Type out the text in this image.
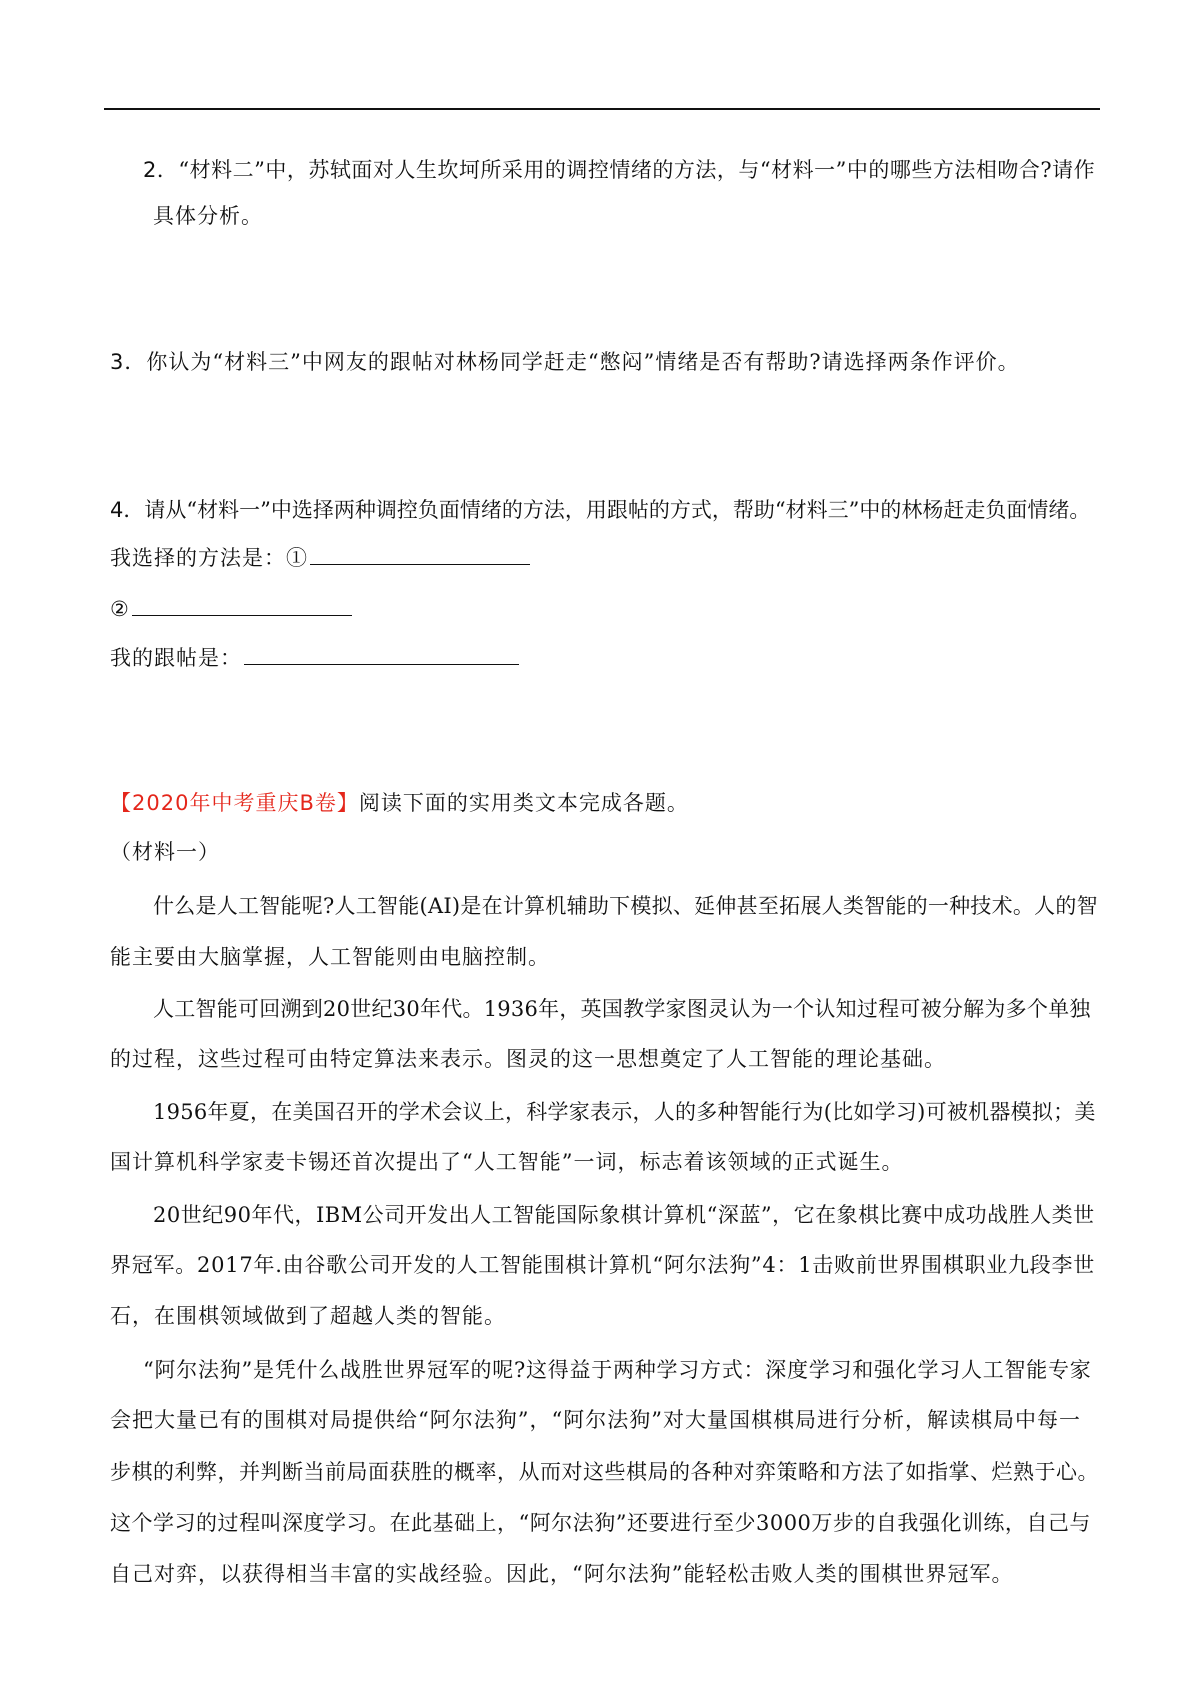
2．“材料二”中，苏轼面对人生坎坷所采用的调控情绪的方法，与“材料一”中的哪些方法相吻合?请作
具体分析。
3．你认为“材料三”中网友的跟帖对林杨同学赶走“憋闷”情绪是否有帮助?请选择两条作评价。
4．请从“材料一”中选择两种调控负面情绪的方法，用跟帖的方式，帮助“材料三”中的林杨赶走负面情绪。
我选择的方法是：①
②
我的跟帖是：
【2020年中考重庆B卷】阅读下面的实用类文本完成各题。
（材料一）
什么是人工智能呢?人工智能(AI)是在计算机辅助下模拟、延伸甚至拓展人类智能的一种技术。人的智
能主要由大脑掌握，人工智能则由电脑控制。
人工智能可回溯到20世纪30年代。1936年，英国教学家图灵认为一个认知过程可被分解为多个单独
的过程，这些过程可由特定算法来表示。图灵的这一思想奠定了人工智能的理论基础。
1956年夏，在美国召开的学术会议上，科学家表示，人的多种智能行为(比如学习)可被机器模拟；美
国计算机科学家麦卡锡还首次提出了“人工智能”一词，标志着该领域的正式诞生。
20世纪90年代，IBM公司开发出人工智能国际象棋计算机“深蓝”，它在象棋比赛中成功战胜人类世
界冠军。2017年.由谷歌公司开发的人工智能围棋计算机“阿尔法狗”4：1击败前世界围棋职业九段李世
石，在围棋领域做到了超越人类的智能。
“阿尔法狗”是凭什么战胜世界冠军的呢?这得益于两种学习方式：深度学习和强化学习人工智能专家
会把大量已有的围棋对局提供给“阿尔法狗”，“阿尔法狗”对大量国棋棋局进行分析，解读棋局中每一
步棋的利弊，并判断当前局面获胜的概率，从而对这些棋局的各种对弈策略和方法了如指掌、烂熟于心。
这个学习的过程叫深度学习。在此基础上，“阿尔法狗”还要进行至少3000万步的自我强化训练，自己与
自己对弈，以获得相当丰富的实战经验。因此，“阿尔法狗”能轻松击败人类的围棋世界冠军。
